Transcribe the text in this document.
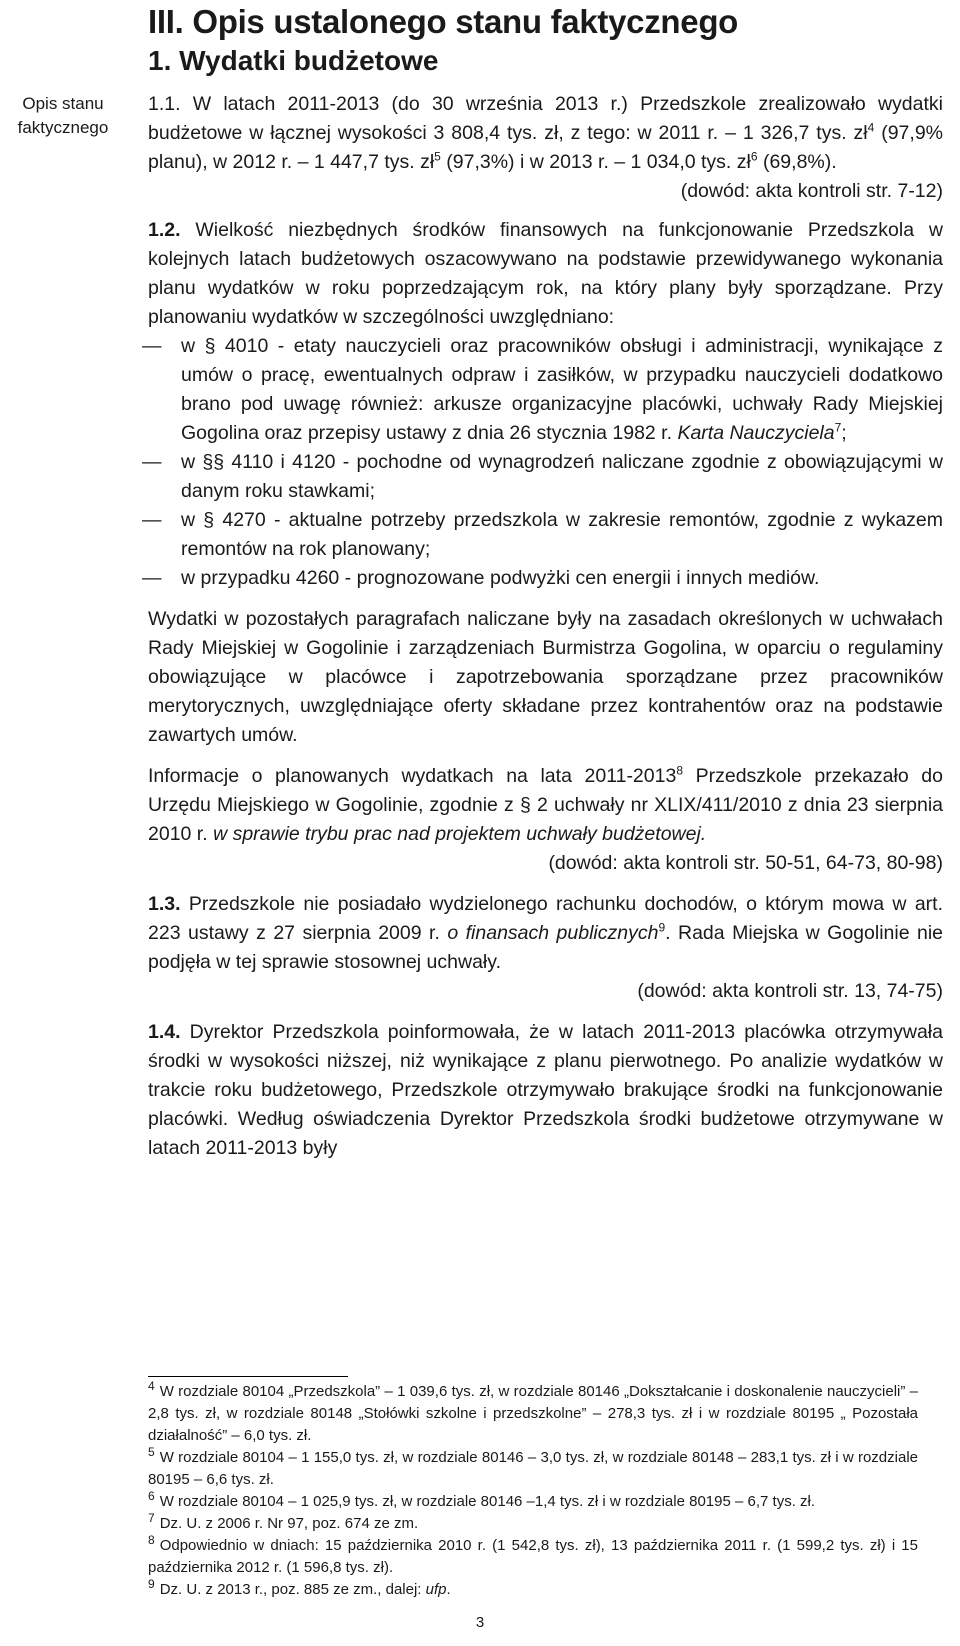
Opis stanu
faktycznego
III. Opis ustalonego stanu faktycznego
1. Wydatki budżetowe

1.1. W latach 2011-2013 (do 30 września 2013 r.) Przedszkole zrealizowało wydatki budżetowe w łącznej wysokości 3 808,4 tys. zł, z tego: w 2011 r. – 1 326,7 tys. $zł^4$ (97,9% planu), w 2012 r. – 1 447,7 tys. $zł^5$ (97,3%) i w 2013 r. – 1 034,0 tys. $zł^6$ (69,8%).

(dowód: akta kontroli str. 7-12)

1.2. Wielkość niezbędnych środków finansowych na funkcjonowanie Przedszkola w kolejnych latach budżetowych oszacowywano na podstawie przewidywanego wykonania planu wydatków w roku poprzedzającym rok, na który plany były sporządzane. Przy planowaniu wydatków w szczególności uwzględniano:

— w § 4010 - etaty nauczycieli oraz pracowników obsługi i administracji, wynikające z umów o pracę, ewentualnych odpraw i zasiłków, w przypadku nauczycieli dodatkowo brano pod uwagę również: arkusze organizacyjne placówki, uchwały Rady Miejskiej Gogolina oraz przepisy ustawy z dnia 26 stycznia 1982 r. Karta Nauczyciela$^7$;
— w §§ 4110 i 4120 - pochodne od wynagrodzeń naliczane zgodnie z obowiązującymi w danym roku stawkami;
— w § 4270 - aktualne potrzeby przedszkola w zakresie remontów, zgodnie z wykazem remontów na rok planowany;
— w przypadku 4260 - prognozowane podwyżki cen energii i innych mediów.

Wydatki w pozostałych paragrafach naliczane były na zasadach określonych w uchwałach Rady Miejskiej w Gogolinie i zarządzeniach Burmistrza Gogolina, w oparciu o regulaminy obowiązujące w placówce i zapotrzebowania sporządzane przez pracowników merytorycznych, uwzględniające oferty składane przez kontrahentów oraz na podstawie zawartych umów.

Informacje o planowanych wydatkach na lata 2011-2013$^8$ Przedszkole przekazało do Urzędu Miejskiego w Gogolinie, zgodnie z § 2 uchwały nr XLIX/411/2010 z dnia 23 sierpnia 2010 r. w sprawie trybu prac nad projektem uchwały budżetowej.

(dowód: akta kontroli str. 50-51, 64-73, 80-98)

1.3. Przedszkole nie posiadało wydzielonego rachunku dochodów, o którym mowa w art. 223 ustawy z 27 sierpnia 2009 r. o finansach publicznych$^9$. Rada Miejska w Gogolinie nie podjęła w tej sprawie stosownej uchwały.

(dowód: akta kontroli str. 13, 74-75)

1.4. Dyrektor Przedszkola poinformowała, że w latach 2011-2013 placówka otrzymywała środki w wysokości niższej, niż wynikające z planu pierwotnego. Po analizie wydatków w trakcie roku budżetowego, Przedszkole otrzymywało brakujące środki na funkcjonowanie placówki. Według oświadczenia Dyrektor Przedszkola środki budżetowe otrzymywane w latach 2011-2013 były

$^4$ W rozdziale 80104 „Przedszkola” – 1 039,6 tys. zł, w rozdziale 80146 „Dokształcanie i doskonalenie nauczycieli” – 2,8 tys. zł, w rozdziale 80148 „Stołówki szkolne i przedszkolne” – 278,3 tys. zł i w rozdziale 80195 „ Pozostała działalność” – 6,0 tys. zł.
$^5$ W rozdziale 80104 – 1 155,0 tys. zł, w rozdziale 80146 – 3,0 tys. zł, w rozdziale 80148 – 283,1 tys. zł i w rozdziale 80195 – 6,6 tys. zł.
$^6$ W rozdziale 80104 – 1 025,9 tys. zł, w rozdziale 80146 –1,4 tys. zł i w rozdziale 80195 – 6,7 tys. zł.
$^7$ Dz. U. z 2006 r. Nr 97, poz. 674 ze zm.
$^8$ Odpowiednio w dniach: 15 października 2010 r. (1 542,8 tys. zł), 13 października 2011 r. (1 599,2 tys. zł) i 15 października 2012 r. (1 596,8 tys. zł).
$^9$ Dz. U. z 2013 r., poz. 885 ze zm., dalej: ufp.
3
